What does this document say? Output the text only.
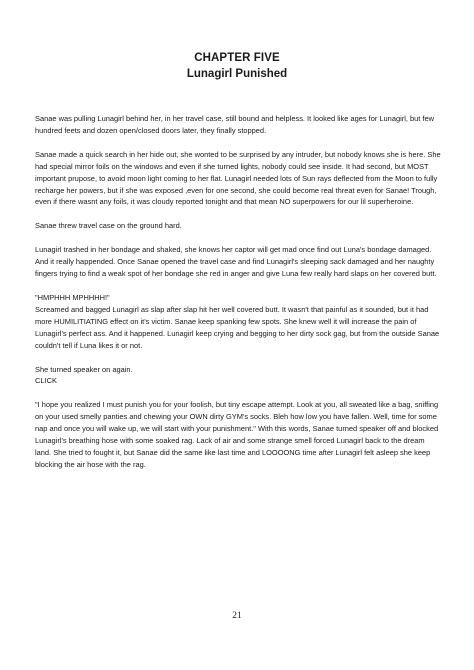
CHAPTER FIVE
Lunagirl Punished

Sanae was pulling Lunagirl behind her, in her travel case, still bound and helpless. It looked like ages for Lunagirl, but few hundred feets and dozen open/closed doors later, they finally stopped.

Sanae made a quick search in her hide out, she wonted to be surprised by any intruder, but nobody knows she is here. She had special mirror foils on the windows and even if she turned lights, nobody could see inside. It had second, but MOST important prupose, to avoid moon light coming to her flat. Lunagirl needed lots of Sun rays deflected from the Moon to fully recharge her powers, but if she was exposed ,even for one second, she could become real threat even for Sanae! Trough, even if there wasnt any foils, it was cloudy reported tonight and that mean NO superpowers for our lil superheroine.

Sanae threw travel case on the ground hard.

Lunagirl trashed in her bondage and shaked, she knows her captor will get mad once find out Luna's bondage damaged. And it really happended. Once Sanae opened the travel case and find Lunagirl's sleeping sack damaged and her naughty fingers trying to find a weak spot of her bondage she red in anger and give Luna few really hard slaps on her covered butt.

"HMPHHH MPHHHH!"
Screamed and bagged Lunagirl as slap after slap hit her well covered butt. It wasn't that painful as it sounded, but it had more HUMILITIATING effect on it's victim. Sanae keep spanking few spots. She knew well it will increase the pain of Lunagirl's perfect ass. And it happened. Lunagirl keep crying and begging to her dirty sock gag, but from the outside Sanae couldn't tell if Luna likes it or not.

She turned speaker on again.
CLICK

"I hope you realized I must punish you for your foolish, but tiny escape attempt. Look at you, all sweated like a bag, sniffing on your used smelly panties and chewing your OWN dirty GYM's socks. Bleh how low you have fallen. Well, time for some nap and once you will wake up, we will start with your punishment." With this words, Sanae turned speaker off and blocked Lunagirl's breathing hose with some soaked rag. Lack of air and some strange smell forced Lunagirl back to the dream land. She tried to fought it, but Sanae did the same like last time and LOOOONG time after Lunagirl felt asleep she keep blocking the air hose with the rag.

21
